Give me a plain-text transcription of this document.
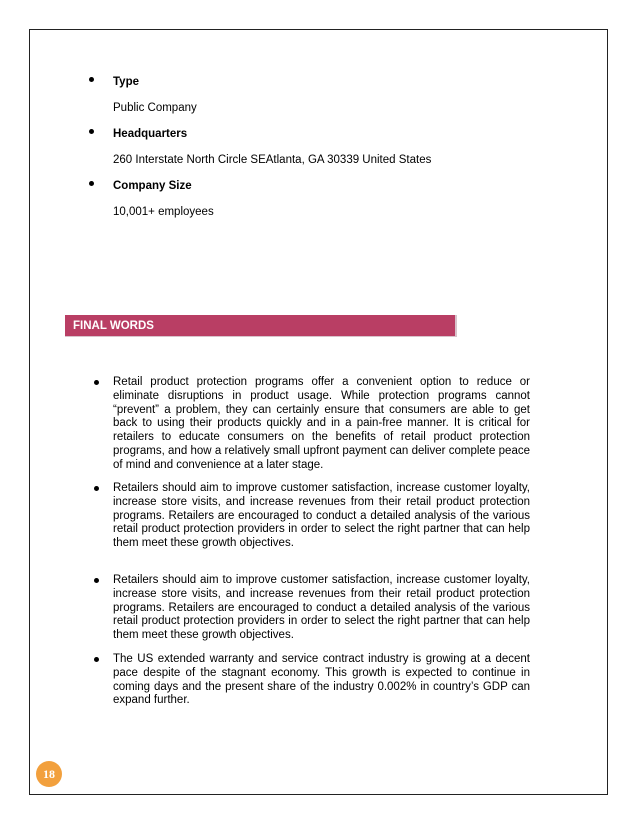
Type
Public Company
Headquarters
260 Interstate North Circle SEAtlanta, GA 30339 United States
Company Size
10,001+ employees
FINAL WORDS
Retail product protection programs offer a convenient option to reduce or eliminate disruptions in product usage. While protection programs cannot “prevent” a problem, they can certainly ensure that consumers are able to get back to using their products quickly and in a pain-free manner. It is critical for retailers to educate consumers on the benefits of retail product protection programs, and how a relatively small upfront payment can deliver complete peace of mind and convenience at a later stage.
Retailers should aim to improve customer satisfaction, increase customer loyalty, increase store visits, and increase revenues from their retail product protection programs. Retailers are encouraged to conduct a detailed analysis of the various retail product protection providers in order to select the right partner that can help them meet these growth objectives.
Retailers should aim to improve customer satisfaction, increase customer loyalty, increase store visits, and increase revenues from their retail product protection programs. Retailers are encouraged to conduct a detailed analysis of the various retail product protection providers in order to select the right partner that can help them meet these growth objectives.
The US extended warranty and service contract industry is growing at a decent pace despite of the stagnant economy. This growth is expected to continue in coming days and the present share of the industry 0.002% in country’s GDP can expand further.
18
